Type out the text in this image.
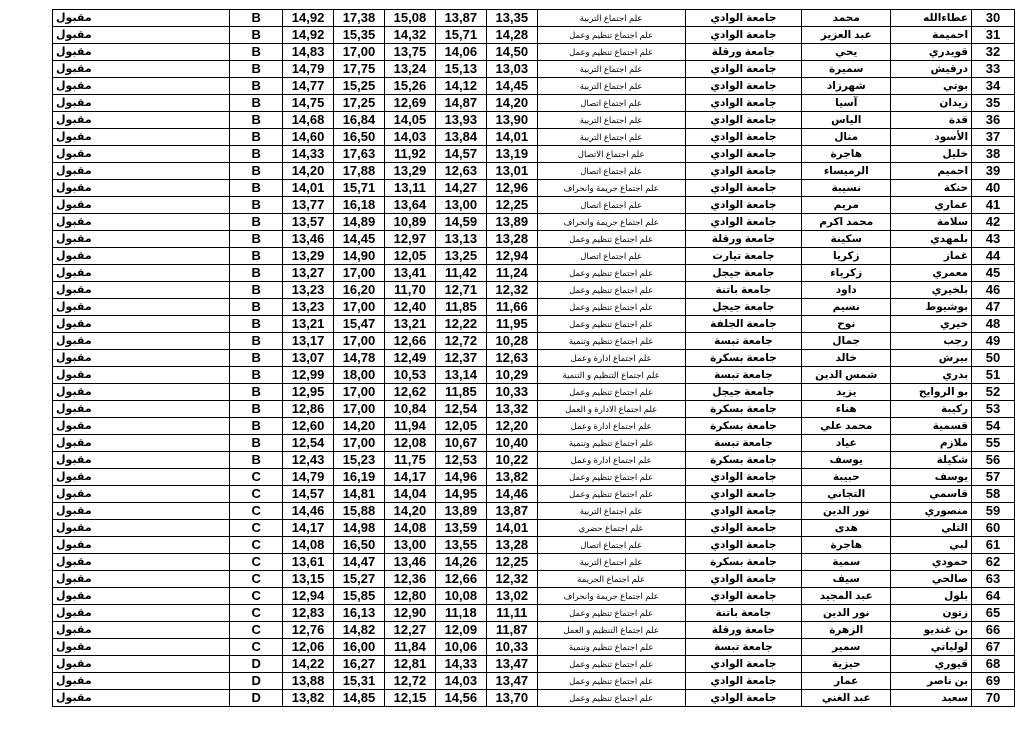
مقبول	B	14,92	17,38	15,08	13,87	13,35	علم اجتماع التربية	جامعة الوادي	محمد	عطاءالله	30
مقبول	B	14,92	15,35	14,32	15,71	14,28	علم اجتماع تنظيم وعمل	جامعة الوادي	عبد العزيز	احميمة	31
مقبول	B	14,83	17,00	13,75	14,06	14,50	علم اجتماع تنظيم وعمل	جامعة ورقلة	يحي	قويدري	32
مقبول	B	14,79	17,75	13,24	15,13	13,03	علم اجتماع التربية	جامعة الوادي	سميرة	درقيش	33
مقبول	B	14,77	15,25	15,26	14,12	14,45	علم اجتماع التربية	جامعة الوادي	شهرزاد	بوتي	34
مقبول	B	14,75	17,25	12,69	14,87	14,20	علم اجتماع اتصال	جامعة الوادي	آسيا	زيدان	35
مقبول	B	14,68	16,84	14,05	13,93	13,90	علم اجتماع التربية	جامعة الوادي	الياس	قدة	36
مقبول	B	14,60	16,50	14,03	13,84	14,01	علم اجتماع التربية	جامعة الوادي	منال	الأسود	37
مقبول	B	14,33	17,63	11,92	14,57	13,19	علم اجتماع الاتصال	جامعة الوادي	هاجرة	خليل	38
مقبول	B	14,20	17,88	13,29	12,63	13,01	علم اجتماع اتصال	جامعة الوادي	الرميساء	احميم	39
مقبول	B	14,01	15,71	13,11	14,27	12,96	علم اجتماع جريمة وانحراف	جامعة الوادي	نسيبة	حنكة	40
مقبول	B	13,77	16,18	13,64	13,00	12,25	علم اجتماع اتصال	جامعة الوادي	مريم	عماري	41
مقبول	B	13,57	14,89	10,89	14,59	13,89	علم اجتماع جريمة وانحراف	جامعة الوادي	محمد اكرم	سلامة	42
مقبول	B	13,46	14,45	12,97	13,13	13,28	علم اجتماع تنظيم وعمل	جامعة ورقلة	سكينة	بلمهدي	43
مقبول	B	13,29	14,90	12,05	13,25	12,94	علم اجتماع اتصال	جامعة تيارت	زكريا	غماز	44
مقبول	B	13,27	17,00	13,41	11,42	11,24	علم اجتماع تنظيم وعمل	جامعة جيجل	زكرياء	معمري	45
مقبول	B	13,23	16,20	11,70	12,71	12,32	علم اجتماع تنظيم وعمل	جامعة باتنة	داود	بلخيري	46
مقبول	B	13,23	17,00	12,40	11,85	11,66	علم اجتماع تنظيم وعمل	جامعة جيجل	نسيم	بوشيوط	47
مقبول	B	13,21	15,47	13,21	12,22	11,95	علم اجتماع تنظيم وعمل	جامعة الجلفة	نوح	خيري	48
مقبول	B	13,17	17,00	12,66	12,72	10,28	علم اجتماع تنظيم وتنمية	جامعة تبسة	جمال	رجب	49
مقبول	B	13,07	14,78	12,49	12,37	12,63	علم اجتماع ادارة وعمل	جامعة بسكرة	خالد	بيرش	50
مقبول	B	12,99	18,00	10,53	13,14	10,29	علم اجتماع التنظيم و التنمية	جامعة تبسة	شمس الدين	بدري	51
مقبول	B	12,95	17,00	12,62	11,85	10,33	علم اجتماع تنظيم وعمل	جامعة جيجل	يزيد	بو الروايح	52
مقبول	B	12,86	17,00	10,84	12,54	13,32	علم اجتماع الادارة و العمل	جامعة بسكرة	هناء	ركيبة	53
مقبول	B	12,60	14,20	11,94	12,05	12,20	علم اجتماع ادارة وعمل	جامعة بسكرة	محمد علي	قسمية	54
مقبول	B	12,54	17,00	12,08	10,67	10,40	علم اجتماع تنظيم وتنمية	جامعة تبسة	عياد	ملازم	55
مقبول	B	12,43	15,23	11,75	12,53	10,22	علم اجتماع ادارة وعمل	جامعة بسكرة	يوسف	شكيلة	56
مقبول	C	14,79	16,19	14,17	14,96	13,82	علم اجتماع تنظيم وعمل	جامعة الوادي	حبيبة	يوسف	57
مقبول	C	14,57	14,81	14,04	14,95	14,46	علم اجتماع تنظيم وعمل	جامعة الوادي	التجاني	قاسمي	58
مقبول	C	14,46	15,88	14,20	13,89	13,87	علم اجتماع التربية	جامعة الوادي	نور الدين	منصوري	59
مقبول	C	14,17	14,98	14,08	13,59	14,01	علم اجتماع حضري	جامعة الوادي	هدى	التلي	60
مقبول	C	14,08	16,50	13,00	13,55	13,28	علم اجتماع اتصال	جامعة الوادي	هاجرة	لبي	61
مقبول	C	13,61	14,47	13,46	14,26	12,25	علم اجتماع التربية	جامعة بسكرة	سمية	حمودي	62
مقبول	C	13,15	15,27	12,36	12,66	12,32	علم اجتماع الجريمة	جامعة الوادي	سيف	صالحي	63
مقبول	C	12,94	15,85	12,80	10,08	13,02	علم اجتماع جريمة وانحراف	جامعة الوادي	عبد المجيد	بلول	64
مقبول	C	12,83	16,13	12,90	11,18	11,11	علم اجتماع تنظيم وعمل	جامعة باتنة	نور الدين	زتون	65
مقبول	C	12,76	14,82	12,27	12,09	11,87	علم اجتماع التنظيم و العمل	جامعة ورقلة	الزهرة	بن غنديو	66
مقبول	C	12,06	16,00	11,84	10,06	10,33	علم اجتماع تنظيم وتنمية	جامعة تبسة	سمير	لولياتي	67
مقبول	D	14,22	16,27	12,81	14,33	13,47	علم اجتماع تنظيم وعمل	جامعة الوادي	حيزية	قيوري	68
مقبول	D	13,88	15,31	12,72	14,03	13,47	علم اجتماع تنظيم وعمل	جامعة الوادي	عمار	بن ناصر	69
مقبول	D	13,82	14,85	12,15	14,56	13,70	علم اجتماع تنظيم وعمل	جامعة الوادي	عبد الغني	سعيد	70
